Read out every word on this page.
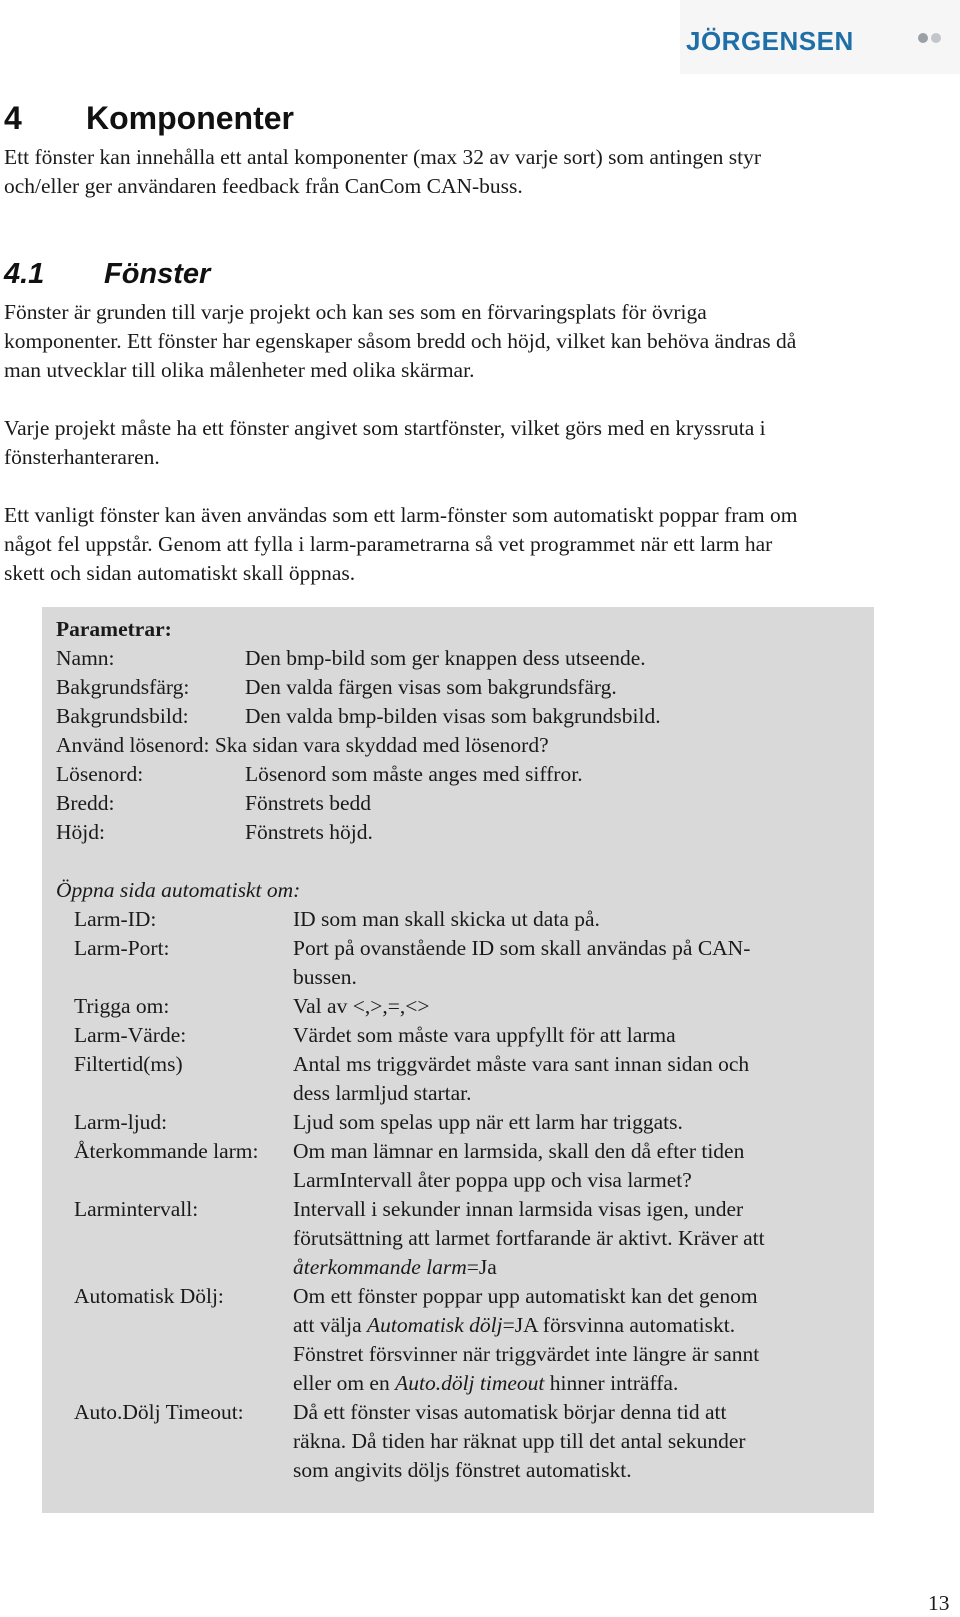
JÖRGENSEN
4 Komponenter

Ett fönster kan innehålla ett antal komponenter (max 32 av varje sort) som antingen styr
och/eller ger användaren feedback från CanCom CAN-buss.

4.1 Fönster

Fönster är grunden till varje projekt och kan ses som en förvaringsplats för övriga
komponenter. Ett fönster har egenskaper såsom bredd och höjd, vilket kan behöva ändras då
man utvecklar till olika målenheter med olika skärmar.

Varje projekt måste ha ett fönster angivet som startfönster, vilket görs med en kryssruta i
fönsterhanteraren.

Ett vanligt fönster kan även användas som ett larm-fönster som automatiskt poppar fram om
något fel uppstår. Genom att fylla i larm-parametrarna så vet programmet när ett larm har
skett och sidan automatiskt skall öppnas.

Parametrar:
Namn:	Den bmp-bild som ger knappen dess utseende.
Bakgrundsfärg:	Den valda färgen visas som bakgrundsfärg.
Bakgrundsbild:	Den valda bmp-bilden visas som bakgrundsbild.
Använd lösenord: Ska sidan vara skyddad med lösenord?
Lösenord:	Lösenord som måste anges med siffror.
Bredd:	Fönstrets bedd
Höjd:	Fönstrets höjd.
Öppna sida automatiskt om:
Larm-ID:	ID som man skall skicka ut data på.
Larm-Port:	Port på ovanstående ID som skall användas på CAN-
bussen.
Trigga om:	Val av <,>,=,<>
Larm-Värde:	Värdet som måste vara uppfyllt för att larma
Filtertid(ms)	Antal ms triggvärdet måste vara sant innan sidan och
dess larmljud startar.
Larm-ljud:	Ljud som spelas upp när ett larm har triggats.
Återkommande larm: Om man lämnar en larmsida, skall den då efter tiden
LarmIntervall åter poppa upp och visa larmet?
Larmintervall:	Intervall i sekunder innan larmsida visas igen, under
förutsättning att larmet fortfarande är aktivt. Kräver att
återkommande larm=Ja
Automatisk Dölj:	Om ett fönster poppar upp automatiskt kan det genom
att välja Automatisk dölj=JA försvinna automatiskt.
Fönstret försvinner när triggvärdet inte längre är sannt
eller om en Auto.dölj timeout hinner inträffa.
Auto.Dölj Timeout: Då ett fönster visas automatisk börjar denna tid att
räkna. Då tiden har räknat upp till det antal sekunder
som angivits döljs fönstret automatiskt.
13
